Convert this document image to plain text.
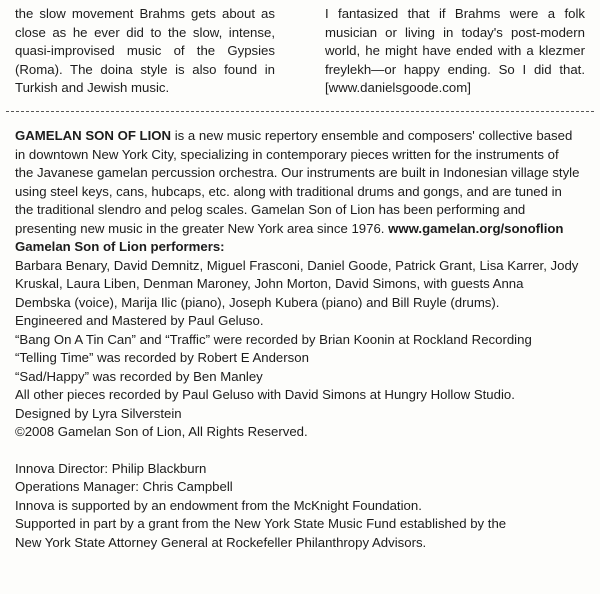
the slow movement Brahms gets about as close as he ever did to the slow, intense, quasi-improvised music of the Gypsies (Roma). The doina style is also found in Turkish and Jewish music.

I fantasized that if Brahms were a folk musician or living in today's post-modern world, he might have ended with a klezmer freylekh—or happy ending. So I did that. [www.danielsgoode.com]

GAMELAN SON OF LION is a new music repertory ensemble and composers' collective based in downtown New York City, specializing in contemporary pieces written for the instruments of the Javanese gamelan percussion orchestra. Our instruments are built in Indonesian village style using steel keys, cans, hubcaps, etc. along with traditional drums and gongs, and are tuned in the traditional slendro and pelog scales. Gamelan Son of Lion has been performing and presenting new music in the greater New York area since 1976. www.gamelan.org/sonoflion

Gamelan Son of Lion performers:
Barbara Benary, David Demnitz, Miguel Frasconi, Daniel Goode, Patrick Grant, Lisa Karrer, Jody Kruskal, Laura Liben, Denman Maroney, John Morton, David Simons, with guests Anna Dembska (voice), Marija Ilic (piano), Joseph Kubera (piano) and Bill Ruyle (drums).

Engineered and Mastered by Paul Geluso.
“Bang On A Tin Can” and “Traffic” were recorded by Brian Koonin at Rockland Recording
“Telling Time” was recorded by Robert E Anderson
“Sad/Happy” was recorded by Ben Manley
All other pieces recorded by Paul Geluso with David Simons at Hungry Hollow Studio.
Designed by Lyra Silverstein
©2008 Gamelan Son of Lion, All Rights Reserved.
Innova Director: Philip Blackburn
Operations Manager: Chris Campbell
Innova is supported by an endowment from the McKnight Foundation.
Supported in part by a grant from the New York State Music Fund established by the
New York State Attorney General at Rockefeller Philanthropy Advisors.
